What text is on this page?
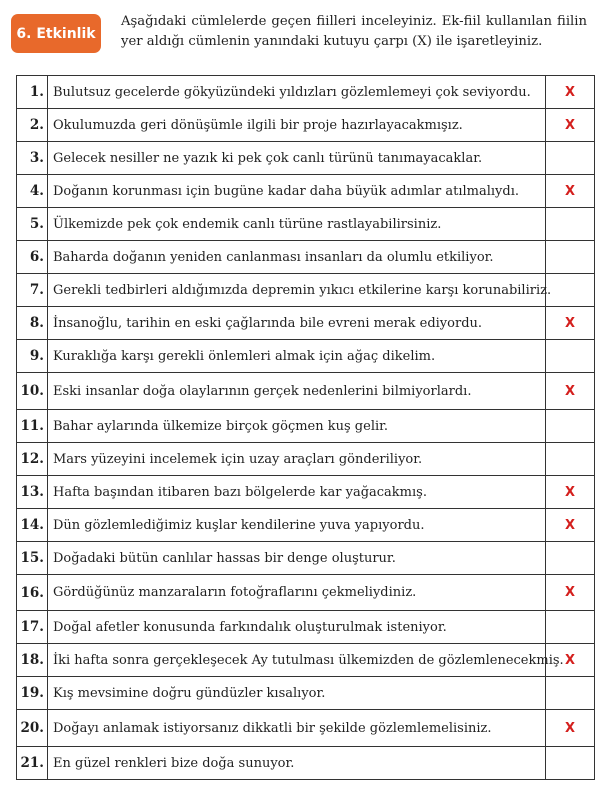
6. Etkinlik
Aşağıdaki cümlelerde geçen fiilleri inceleyiniz. Ek-fiil kullanılan fiilin yer aldığı cümlenin yanındaki kutuyu çarpı (X) ile işaretleyiniz.
1.	Bulutsuz gecelerde gökyüzündeki yıldızları gözlemlemeyi çok seviyordu.	X
2.	Okulumuzda geri dönüşümle ilgili bir proje hazırlayacakmışız.	X
3.	Gelecek nesiller ne yazık ki pek çok canlı türünü tanımayacaklar.	
4.	Doğanın korunması için bugüne kadar daha büyük adımlar atılmalıydı.	X
5.	Ülkemizde pek çok endemik canlı türüne rastlayabilirsiniz.	
6.	Baharda doğanın yeniden canlanması insanları da olumlu etkiliyor.	
7.	Gerekli tedbirleri aldığımızda depremin yıkıcı etkilerine karşı korunabiliriz.	
8.	İnsanoğlu, tarihin en eski çağlarında bile evreni merak ediyordu.	X
9.	Kuraklığa karşı gerekli önlemleri almak için ağaç dikelim.	
10.	Eski insanlar doğa olaylarının gerçek nedenlerini bilmiyorlardı.	X
11.	Bahar aylarında ülkemize birçok göçmen kuş gelir.	
12.	Mars yüzeyini incelemek için uzay araçları gönderiliyor.	
13.	Hafta başından itibaren bazı bölgelerde kar yağacakmış.	X
14.	Dün gözlemlediğimiz kuşlar kendilerine yuva yapıyordu.	X
15.	Doğadaki bütün canlılar hassas bir denge oluşturur.	
16.	Gördüğünüz manzaraların fotoğraflarını çekmeliydiniz.	X
17.	Doğal afetler konusunda farkındalık oluşturulmak isteniyor.	
18.	İki hafta sonra gerçekleşecek Ay tutulması ülkemizden de gözlemlenecekmiş.	X
19.	Kış mevsimine doğru gündüzler kısalıyor.	
20.	Doğayı anlamak istiyorsanız dikkatli bir şekilde gözlemlemelisiniz.	X
21.	En güzel renkleri bize doğa sunuyor.	
